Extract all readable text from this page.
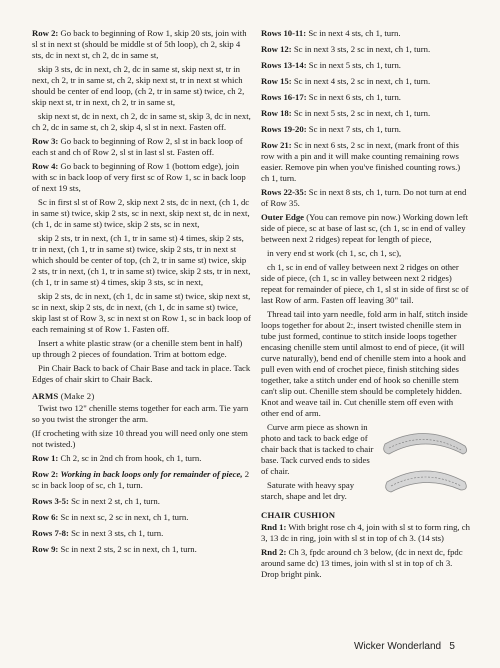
Row 2: Go back to beginning of Row 1, skip 20 sts, join with sl st in next st (should be middle st of 5th loop), ch 2, skip 4 sts, dc in next st, ch 2, dc in same st,
skip 3 sts, dc in next, ch 2, dc in same st, skip next st, tr in next, ch 2, tr in same st, ch 2, skip next st, tr in next st which should be center of end loop, (ch 2, tr in same st) twice, ch 2, skip next st, tr in next, ch 2, tr in same st,
skip next st, dc in next, ch 2, dc in same st, skip 3, dc in next, ch 2, dc in same st, ch 2, skip 4, sl st in next. Fasten off.
Row 3: Go back to beginning of Row 2, sl st in back loop of each st and ch of Row 2, sl st in last sl st. Fasten off.
Row 4: Go back to beginning of Row 1 (bottom edge), join with sc in back loop of very first sc of Row 1, sc in back loop of next 19 sts,
Sc in first sl st of Row 2, skip next 2 sts, dc in next, (ch 1, dc in same st) twice, skip 2 sts, sc in next, skip next st, dc in next, (ch 1, dc in same st) twice, skip 2 sts, sc in next,
skip 2 sts, tr in next, (ch 1, tr in same st) 4 times, skip 2 sts, tr in next, (ch 1, tr in same st) twice, skip 2 sts, tr in next st which should be center of top, (ch 2, tr in same st) twice, skip 2 sts, tr in next, (ch 1, tr in same st) twice, skip 2 sts, tr in next, (ch 1, tr in same st) 4 times, skip 3 sts, sc in next,
skip 2 sts, dc in next, (ch 1, dc in same st) twice, skip next st, sc in next, skip 2 sts, dc in next, (ch 1, dc in same st) twice, skip last st of Row 3, sc in next st on Row 1, sc in back loop of each remaining st of Row 1. Fasten off.
Insert a white plastic straw (or a chenille stem bent in half) up through 2 pieces of foundation. Trim at bottom edge.
Pin Chair Back to back of Chair Base and tack in place. Tack Edges of chair skirt to Chair Back.
ARMS (Make 2)
Twist two 12" chenille stems together for each arm. Tie yarn so you twist the stronger the arm.
(If crocheting with size 10 thread you will need only one stem not twisted.)
Row 1: Ch 2, sc in 2nd ch from hook, ch 1, turn.
Row 2: Working in back loops only for remainder of piece, 2 sc in back loop of sc, ch 1, turn.
Rows 3-5: Sc in next 2 st, ch 1, turn.
Row 6: Sc in next sc, 2 sc in next, ch 1, turn.
Rows 7-8: Sc in next 3 sts, ch 1, turn.
Row 9: Sc in next 2 sts, 2 sc in next, ch 1, turn.
Rows 10-11: Sc in next 4 sts, ch 1, turn.
Row 12: Sc in next 3 sts, 2 sc in next, ch 1, turn.
Rows 13-14: Sc in next 5 sts, ch 1, turn.
Row 15: Sc in next 4 sts, 2 sc in next, ch 1, turn.
Rows 16-17: Sc in next 6 sts, ch 1, turn.
Row 18: Sc in next 5 sts, 2 sc in next, ch 1, turn.
Rows 19-20: Sc in next 7 sts, ch 1, turn.
Row 21: Sc in next 6 sts, 2 sc in next, (mark front of this row with a pin and it will make counting remaining rows easier. Remove pin when you've finished counting rows.)
ch 1, turn.
Rows 22-35: Sc in next 8 sts, ch 1, turn. Do not turn at end of Row 35.
Outer Edge (You can remove pin now.) Working down left side of piece, sc at base of last sc, (ch 1, sc in end of valley between next 2 ridges) repeat for length of piece,
in very end st work (ch 1, sc, ch 1, sc),
ch 1, sc in end of valley between next 2 ridges on other side of piece, (ch 1, sc in valley between next 2 ridges) repeat for remainder of piece, ch 1, sl st in side of first sc of last Row of arm. Fasten off leaving 30" tail.
Thread tail into yarn needle, fold arm in half, stitch inside loops together for about 2:, insert twisted chenille stem in tube just formed, continue to stitch inside loops together encasing chenille stem until almost to end of piece, (it will curve naturally), bend end of chenille stem into a hook and pull even with end of crochet piece, finish stitching sides together, take a stitch under end of hook so chenille stem can't slip out. Chenille stem should be completely hidden. Knot and weave tail in. Cut chenille stem off even with other end of arm.
Curve arm piece as shown in photo and tack to back edge of chair back that is tacked to chair base. Tack curved ends to sides of chair.
Saturate with heavy spay starch, shape and let dry.
CHAIR CUSHION
Rnd 1: With bright rose ch 4, join with sl st to form ring, ch 3, 13 dc in ring, join with sl st in top of ch 3. (14 sts)
Rnd 2: Ch 3, fpdc around ch 3 below, (dc in next dc, fpdc around same dc) 13 times, join with sl st in top of ch 3. Drop bright pink.
Wicker Wonderland 5
